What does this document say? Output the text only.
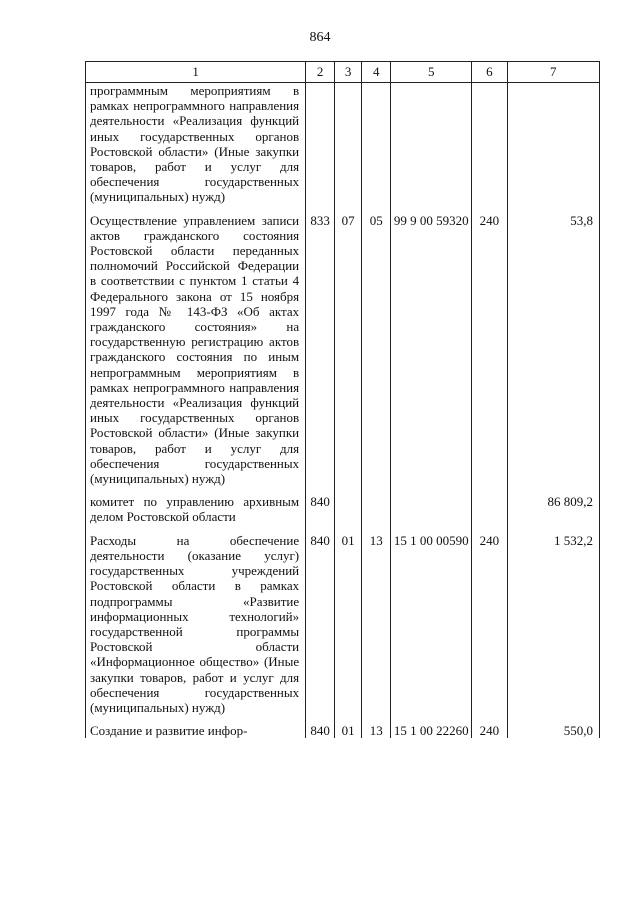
864
1	2	3	4	5	6	7
программным мероприятиям в рамках непрограммного направления деятельности «Реализация функций иных государственных органов Ростовской области» (Иные закупки товаров, работ и услуг для обеспечения государственных (муниципальных) нужд)						

Осуществление управлением записи актов гражданского состояния Ростовской области переданных полномочий Российской Федерации в соответствии с пунктом 1 статьи 4 Федерального закона от 15 ноября 1997 года № 143-ФЗ «Об актах гражданского состояния» на государственную регистрацию актов гражданского состояния по иным непрограммным мероприятиям в рамках непрограммного направления деятельности «Реализация функций иных государственных органов Ростовской области» (Иные закупки товаров, работ и услуг для обеспечения государственных (муниципальных) нужд)	833	07	05	99 9 00 59320	240	53,8

комитет по управлению архивным делом Ростовской области	840					86 809,2

Расходы на обеспечение деятельности (оказание услуг) государственных учреждений Ростовской области в рамках подпрограммы «Развитие информационных технологий» государственной программы Ростовской области «Информационное общество» (Иные закупки товаров, работ и услуг для обеспечения государственных (муниципальных) нужд)	840	01	13	15 1 00 00590	240	1 532,2

Создание и развитие инфор-	840	01	13	15 1 00 22260	240	550,0
